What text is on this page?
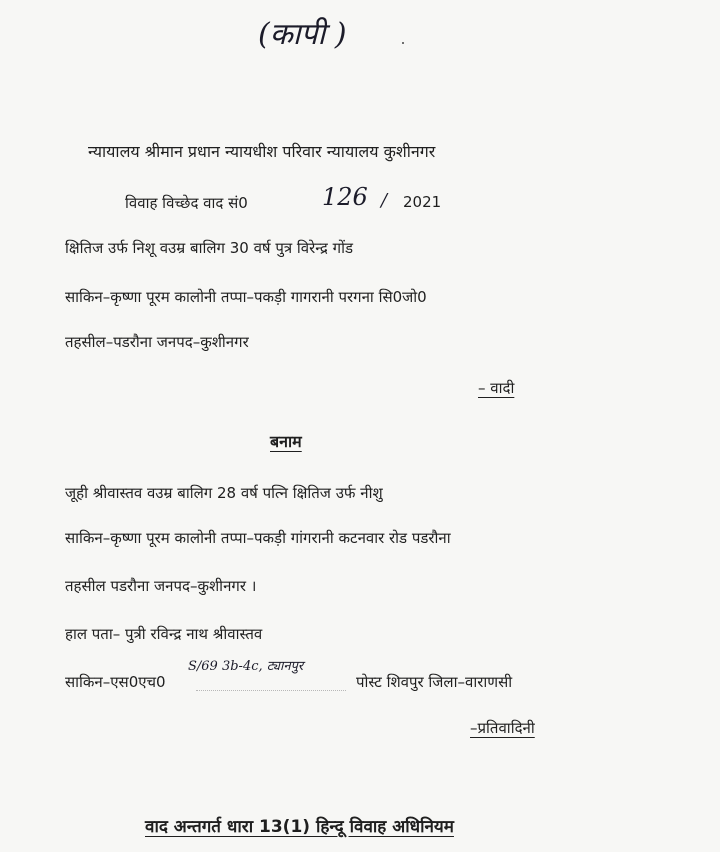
(कापी )
न्यायालय श्रीमान प्रधान न्यायधीश परिवार न्यायालय कुशीनगर
विवाह विच्छेद वाद सं0	126 / 2021
क्षितिज उर्फ निशू वउम्र बालिग 30 वर्ष पुत्र विरेन्द्र गोंड
साकिन–कृष्णा पूरम कालोनी तप्पा–पकड़ी गागरानी परगना सि0जो0
तहसील–पडरौना जनपद–कुशीनगर
– वादी
बनाम
जूही श्रीवास्तव वउम्र बालिग 28 वर्ष पत्नि क्षितिज उर्फ नीशु
साकिन–कृष्णा पूरम कालोनी तप्पा–पकड़ी गांगरानी कटनवार रोड पडरौना
तहसील पडरौना जनपद–कुशीनगर ।
हाल पता– पुत्री रविन्द्र नाथ श्रीवास्तव
साकिन–एस0एच0
S/69 3b-4c, ट्यानपुर
पोस्ट शिवपुर जिला–वाराणसी
–प्रतिवादिनी
वाद अन्तगर्त धारा 13(1) हिन्दू विवाह अधिनियम
